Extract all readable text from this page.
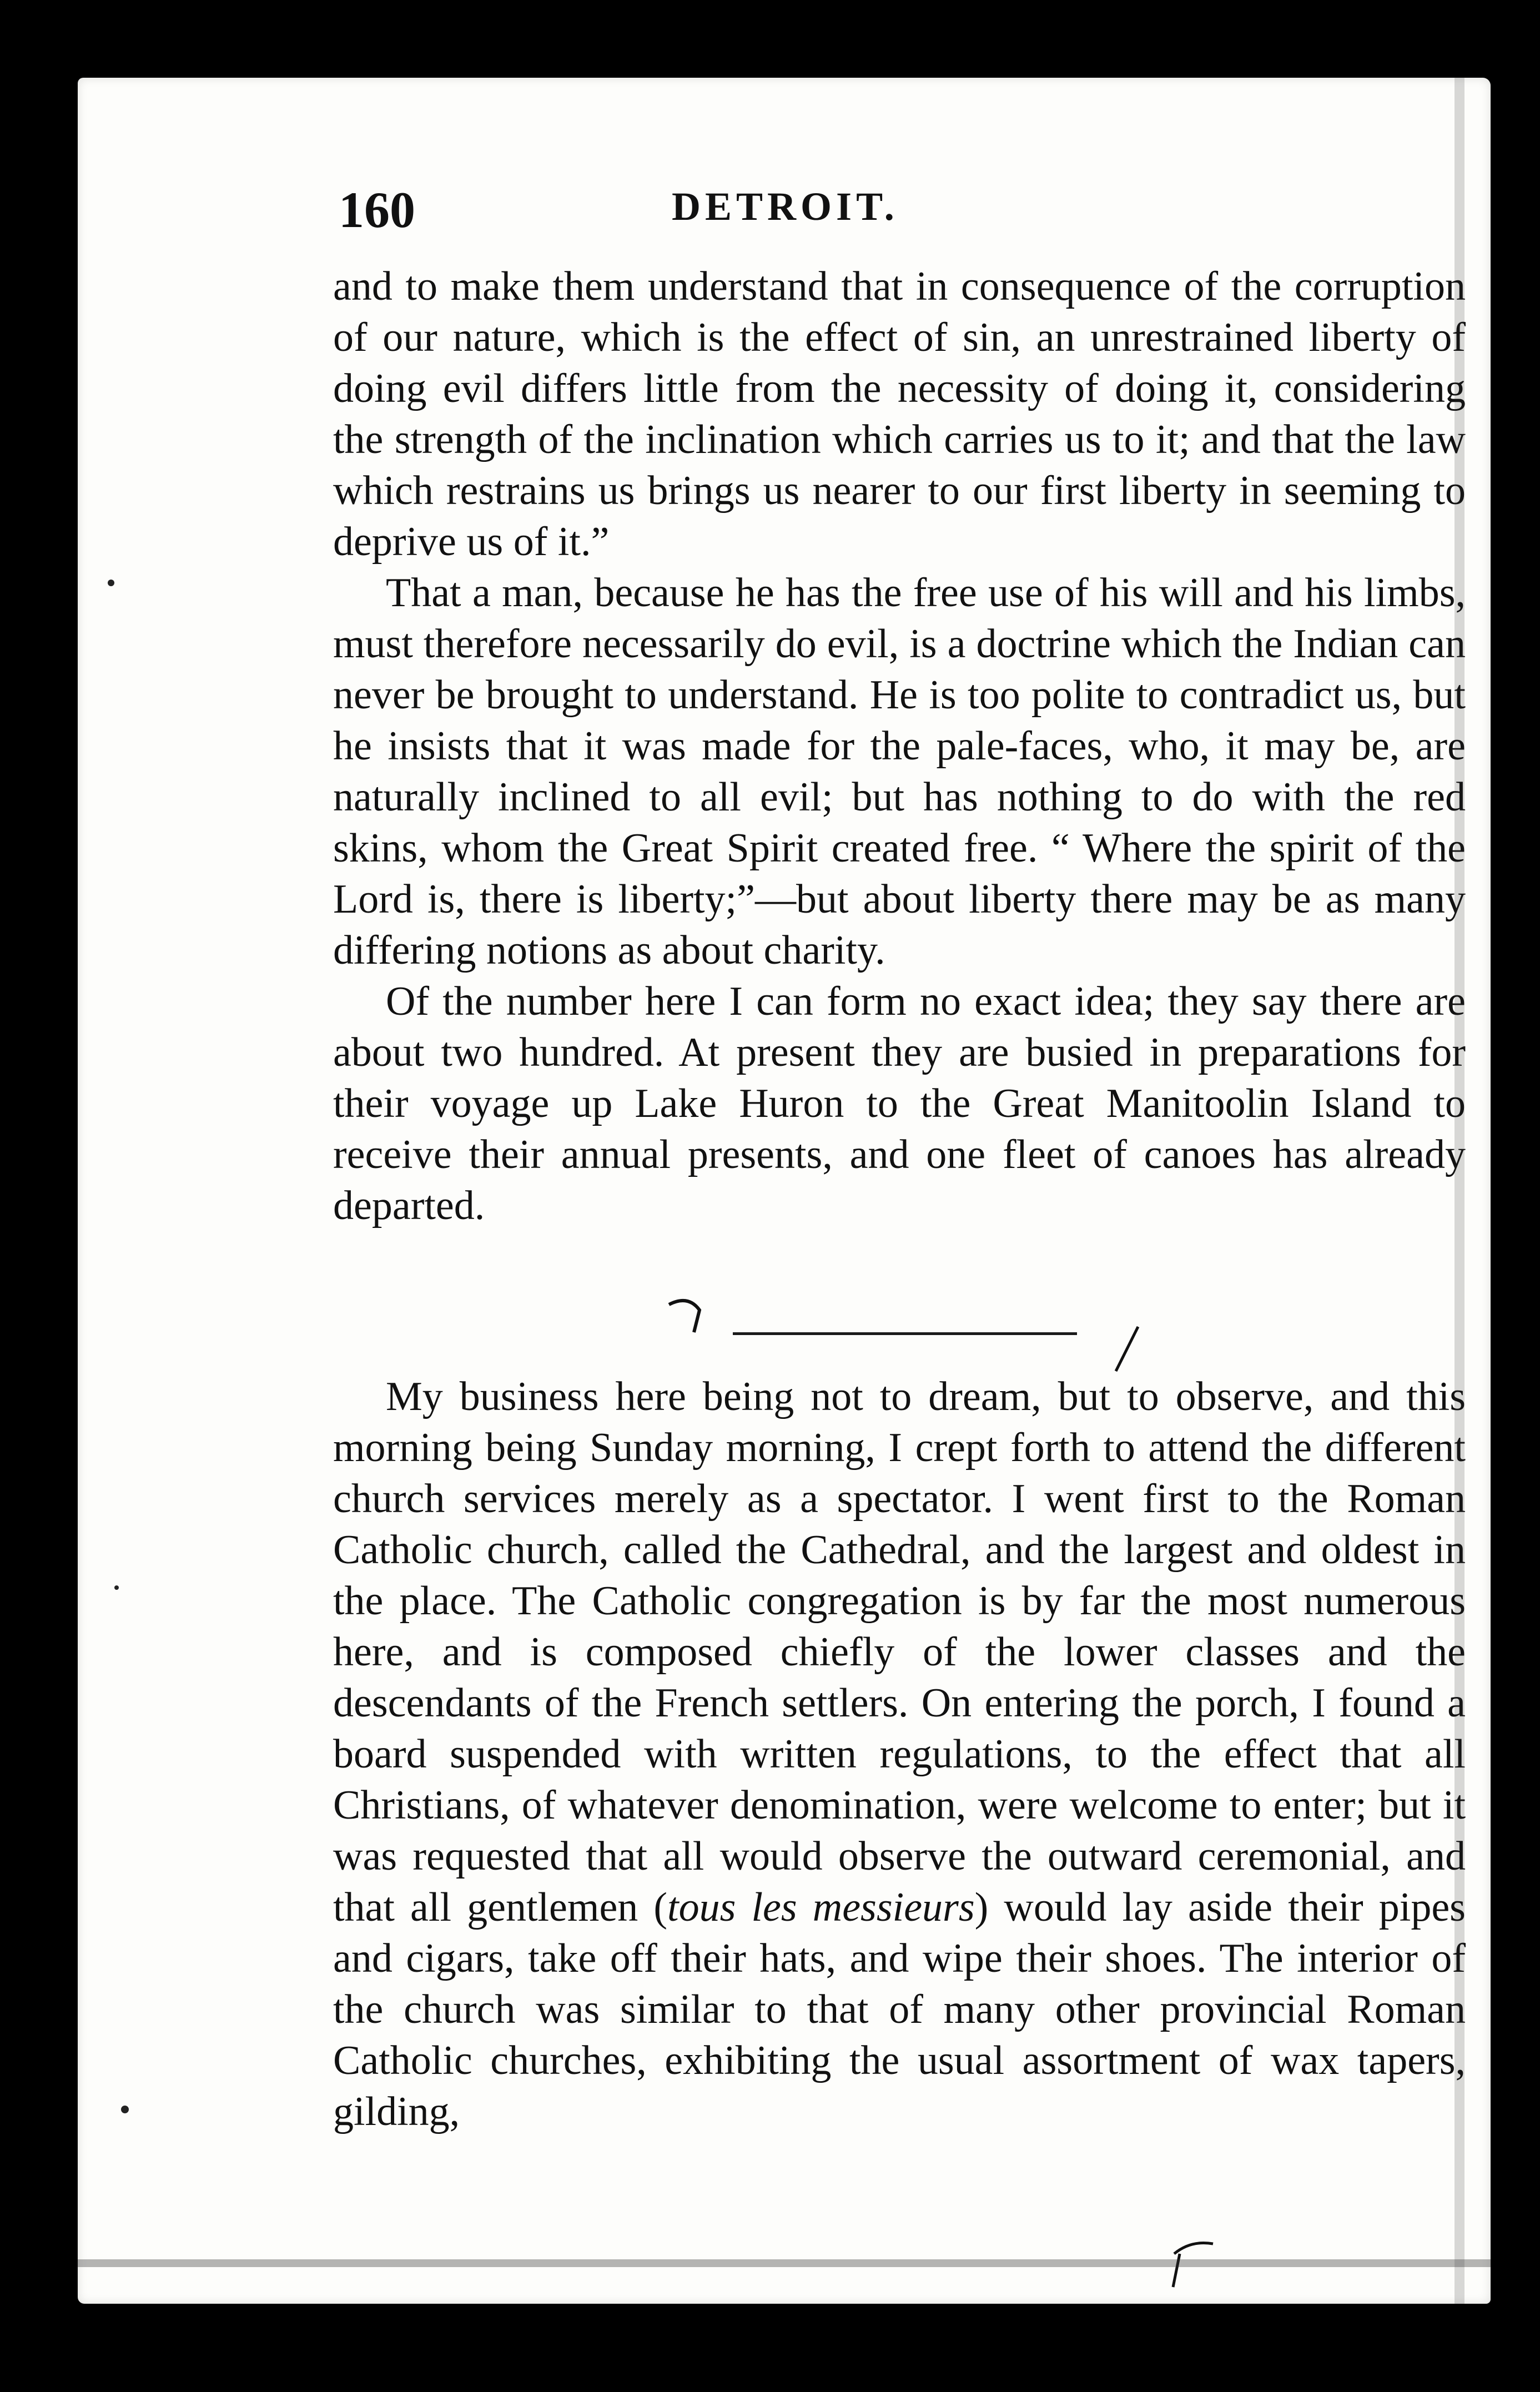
160	DETROIT.

and to make them understand that in consequence of the corruption of our nature, which is the effect of sin, an unrestrained liberty of doing evil differs little from the necessity of doing it, considering the strength of the inclination which carries us to it; and that the law which restrains us brings us nearer to our first liberty in seeming to deprive us of it.”

That a man, because he has the free use of his will and his limbs, must therefore necessarily do evil, is a doctrine which the Indian can never be brought to understand. He is too polite to contradict us, but he insists that it was made for the pale-faces, who, it may be, are naturally inclined to all evil; but has nothing to do with the red skins, whom the Great Spirit created free. “ Where the spirit of the Lord is, there is liberty;”—but about liberty there may be as many differing notions as about charity.

Of the number here I can form no exact idea; they say there are about two hundred. At present they are busied in preparations for their voyage up Lake Huron to the Great Manitoolin Island to receive their annual presents, and one fleet of canoes has already departed.

My business here being not to dream, but to observe, and this morning being Sunday morning, I crept forth to attend the different church services merely as a spectator. I went first to the Roman Catholic church, called the Cathedral, and the largest and oldest in the place. The Catholic congregation is by far the most numerous here, and is composed chiefly of the lower classes and the descendants of the French settlers. On entering the porch, I found a board suspended with written regulations, to the effect that all Christians, of whatever denomination, were welcome to enter; but it was requested that all would observe the outward ceremonial, and that all gentlemen (tous les messieurs) would lay aside their pipes and cigars, take off their hats, and wipe their shoes. The interior of the church was similar to that of many other provincial Roman Catholic churches, exhibiting the usual assortment of wax tapers, gilding,
